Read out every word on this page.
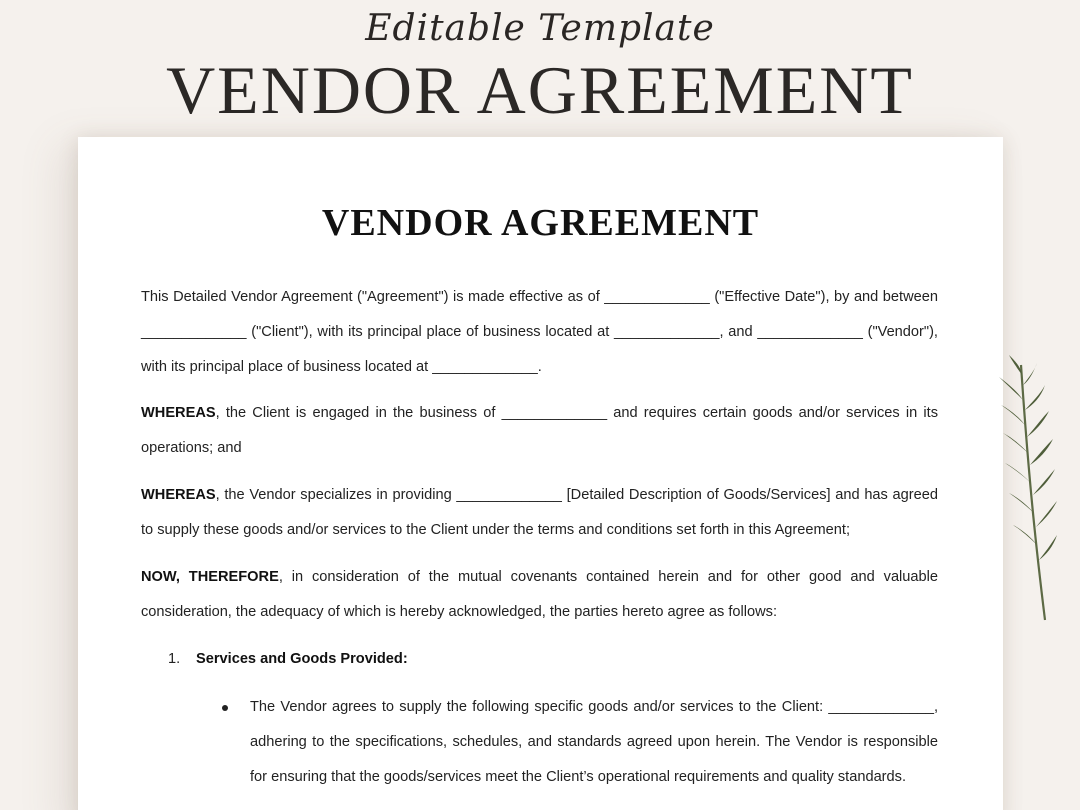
Editable Template
VENDOR AGREEMENT
VENDOR AGREEMENT

This Detailed Vendor Agreement ("Agreement") is made effective as of _____________ ("Effective Date"), by and between _____________ ("Client"), with its principal place of business located at _____________, and _____________ ("Vendor"), with its principal place of business located at _____________.

WHEREAS, the Client is engaged in the business of _____________ and requires certain goods and/or services in its operations; and

WHEREAS, the Vendor specializes in providing _____________ [Detailed Description of Goods/Services] and has agreed to supply these goods and/or services to the Client under the terms and conditions set forth in this Agreement;

NOW, THEREFORE, in consideration of the mutual covenants contained herein and for other good and valuable consideration, the adequacy of which is hereby acknowledged, the parties hereto agree as follows:

1. Services and Goods Provided:

The Vendor agrees to supply the following specific goods and/or services to the Client: _____________, adhering to the specifications, schedules, and standards agreed upon herein. The Vendor is responsible for ensuring that the goods/services meet the Client’s operational requirements and quality standards.
